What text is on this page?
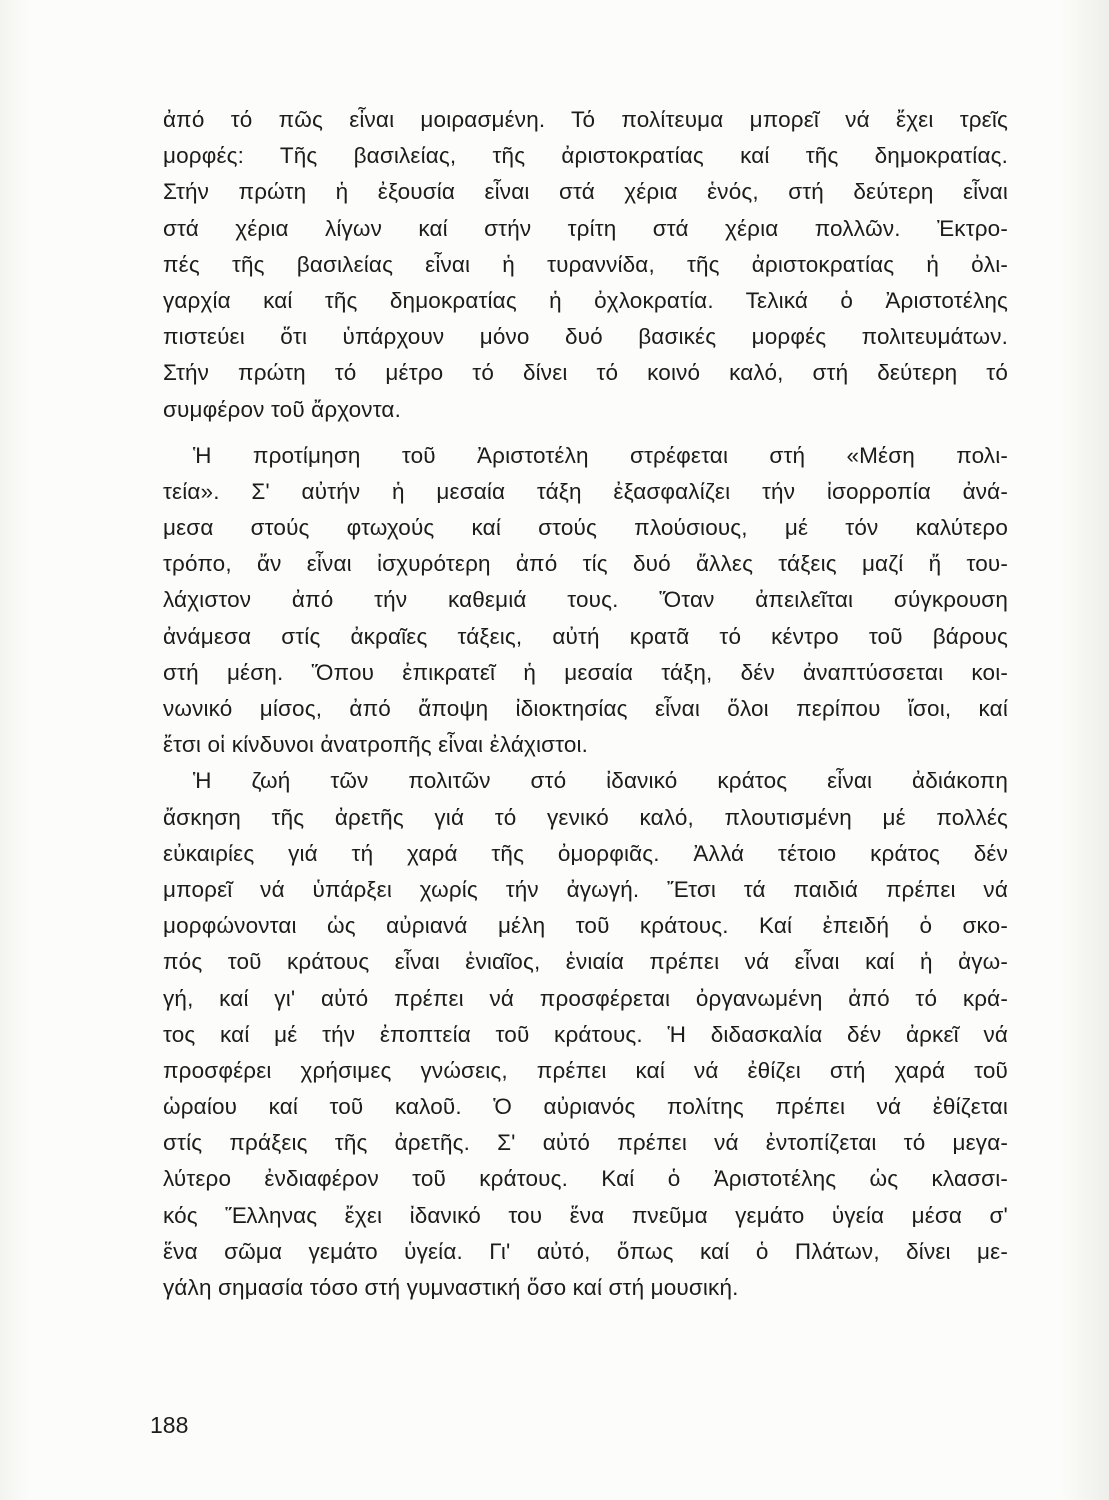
ἀπό τό πῶς εἶναι μοιρασμένη. Τό πολίτευμα μπορεῖ νά ἔχει τρεῖς
μορφές: Τῆς βασιλείας, τῆς ἀριστοκρατίας καί τῆς δημοκρατίας.
Στήν πρώτη ἡ ἐξουσία εἶναι στά χέρια ἑνός, στή δεύτερη εἶναι
στά χέρια λίγων καί στήν τρίτη στά χέρια πολλῶν. Ἐκτρο-
πές τῆς βασιλείας εἶναι ἡ τυραννίδα, τῆς ἀριστοκρατίας ἡ ὀλι-
γαρχία καί τῆς δημοκρατίας ἡ ὀχλοκρατία. Τελικά ὁ Ἀριστοτέλης
πιστεύει ὅτι ὑπάρχουν μόνο δυό βασικές μορφές πολιτευμάτων.
Στήν πρώτη τό μέτρο τό δίνει τό κοινό καλό, στή δεύτερη τό
συμφέρον τοῦ ἄρχοντα.
Ἡ προτίμηση τοῦ Ἀριστοτέλη στρέφεται στή «Μέση πολι-
τεία». Σ' αὐτήν ἡ μεσαία τάξη ἐξασφαλίζει τήν ἰσορροπία ἀνά-
μεσα στούς φτωχούς καί στούς πλούσιους, μέ τόν καλύτερο
τρόπο, ἄν εἶναι ἰσχυρότερη ἀπό τίς δυό ἄλλες τάξεις μαζί ἤ του-
λάχιστον ἀπό τήν καθεμιά τους. Ὅταν ἀπειλεῖται σύγκρουση
ἀνάμεσα στίς ἀκραῖες τάξεις, αὐτή κρατᾶ τό κέντρο τοῦ βάρους
στή μέση. Ὅπου ἐπικρατεῖ ἡ μεσαία τάξη, δέν ἀναπτύσσεται κοι-
νωνικό μίσος, ἀπό ἄποψη ἰδιοκτησίας εἶναι ὅλοι περίπου ἴσοι, καί
ἔτσι οἱ κίνδυνοι ἀνατροπῆς εἶναι ἐλάχιστοι.
Ἡ ζωή τῶν πολιτῶν στό ἰδανικό κράτος εἶναι ἀδιάκοπη
ἄσκηση τῆς ἀρετῆς γιά τό γενικό καλό, πλουτισμένη μέ πολλές
εὐκαιρίες γιά τή χαρά τῆς ὀμορφιᾶς. Ἀλλά τέτοιο κράτος δέν
μπορεῖ νά ὑπάρξει χωρίς τήν ἀγωγή. Ἔτσι τά παιδιά πρέπει νά
μορφώνονται ὡς αὐριανά μέλη τοῦ κράτους. Καί ἐπειδή ὁ σκο-
πός τοῦ κράτους εἶναι ἑνιαῖος, ἑνιαία πρέπει νά εἶναι καί ἡ ἀγω-
γή, καί γι' αὐτό πρέπει νά προσφέρεται ὀργανωμένη ἀπό τό κρά-
τος καί μέ τήν ἐποπτεία τοῦ κράτους. Ἡ διδασκαλία δέν ἀρκεῖ νά
προσφέρει χρήσιμες γνώσεις, πρέπει καί νά ἐθίζει στή χαρά τοῦ
ὡραίου καί τοῦ καλοῦ. Ὁ αὐριανός πολίτης πρέπει νά ἐθίζεται
στίς πράξεις τῆς ἀρετῆς. Σ' αὐτό πρέπει νά ἐντοπίζεται τό μεγα-
λύτερο ἐνδιαφέρον τοῦ κράτους. Καί ὁ Ἀριστοτέλης ὡς κλασσι-
κός Ἕλληνας ἔχει ἰδανικό του ἕνα πνεῦμα γεμάτο ὑγεία μέσα σ'
ἕνα σῶμα γεμάτο ὑγεία. Γι' αὐτό, ὅπως καί ὁ Πλάτων, δίνει με-
γάλη σημασία τόσο στή γυμναστική ὅσο καί στή μουσική.
188
